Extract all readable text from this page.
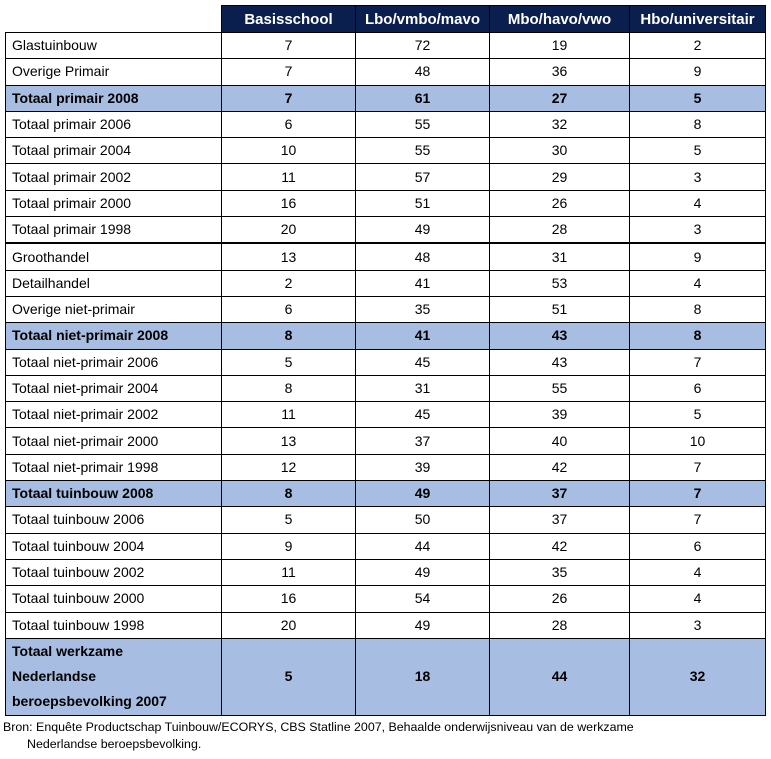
	Basisschool	Lbo/vmbo/mavo	Mbo/havo/vwo	Hbo/universitair
Glastuinbouw	7	72	19	2
Overige Primair	7	48	36	9
Totaal primair 2008	7	61	27	5
Totaal primair 2006	6	55	32	8
Totaal primair 2004	10	55	30	5
Totaal primair 2002	11	57	29	3
Totaal primair 2000	16	51	26	4
Totaal primair 1998	20	49	28	3
Groothandel	13	48	31	9
Detailhandel	2	41	53	4
Overige niet-primair	6	35	51	8
Totaal niet-primair 2008	8	41	43	8
Totaal niet-primair 2006	5	45	43	7
Totaal niet-primair 2004	8	31	55	6
Totaal niet-primair 2002	11	45	39	5
Totaal niet-primair 2000	13	37	40	10
Totaal niet-primair 1998	12	39	42	7
Totaal tuinbouw 2008	8	49	37	7
Totaal tuinbouw 2006	5	50	37	7
Totaal tuinbouw 2004	9	44	42	6
Totaal tuinbouw 2002	11	49	35	4
Totaal tuinbouw 2000	16	54	26	4
Totaal tuinbouw 1998	20	49	28	3

Totaal werkzame
Nederlandse
beroepsbevolking 2007	5	18	44	32
Bron: Enquête Productschap Tuinbouw/ECORYS, CBS Statline 2007, Behaalde onderwijsniveau van de werkzame
Nederlandse beroepsbevolking.
